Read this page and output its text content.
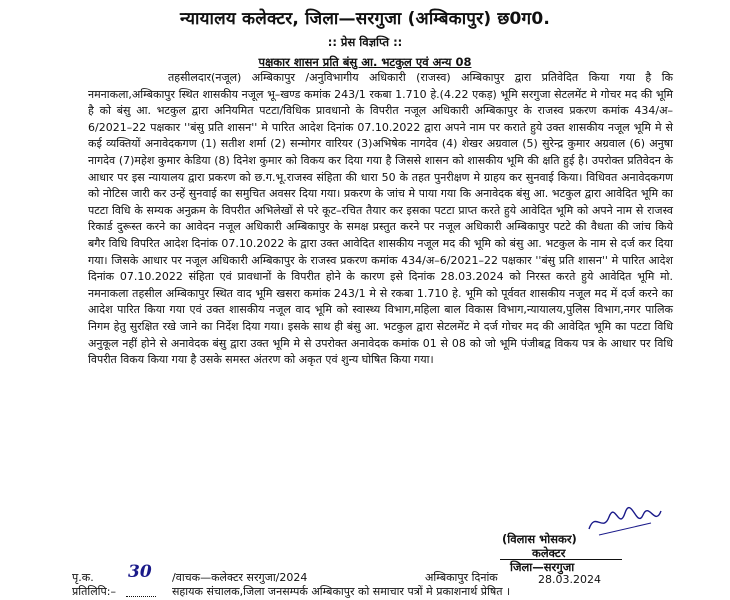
न्यायालय कलेक्टर, जिला—सरगुजा (अम्बिकापुर) छ0ग0.
:: प्रेस विज्ञप्ति ::
पक्षकार शासन प्रति बंसु आ. भटकुल एवं अन्य 08
तहसीलदार(नजूल) अम्बिकापुर /अनुविभागीय अधिकारी (राजस्व) अम्बिकापुर द्वारा प्रतिवेदित किया गया है कि नमनाकला,अम्बिकापुर स्थित शासकीय नजूल भू–खण्ड कमांक 243/1 रकबा 1.710 हे.(4.22 एकड़) भूमि सरगुजा सेटलमेंट मे गोचर मद की भूमि है को बंसु आ. भटकुल द्वारा अनियमित पटटा/विधिक प्रावधानो के विपरीत नजूल अधिकारी अम्बिकापुर के राजस्व प्रकरण कमांक 434/अ–6/2021–22 पक्षकार ''बंसु प्रति शासन'' मे पारित आदेश दिनांक 07.10.2022 द्वारा अपने नाम पर कराते हुये उक्त शासकीय नजूल भूमि मे से कई व्यक्तियों अनावेदकगण (1) सतीश शर्मा (2) सन्मोगर वारियर (3)अभिषेक नागदेव (4) शेखर अग्रवाल (5) सुरेन्द्र कुमार अग्रवाल (6) अनुषा नागदेव (7)महेश कुमार केडिया (8) दिनेश कुमार को विकय कर दिया गया है जिससे शासन को शासकीय भूमि की क्षति हुई है। उपरोक्त प्रतिवेदन के आधार पर इस न्यायालय द्वारा प्रकरण को छ.ग.भू.राजस्व संहिता की धारा 50 के तहत पुनरीक्षण मे ग्राहय कर सुनवाई किया। विधिवत अनावेदकगण को नोटिस जारी कर उन्हें सुनवाई का समुचित अवसर दिया गया। प्रकरण के जांच मे पाया गया कि अनावेदक बंसु आ. भटकुल द्वारा आवेदित भूमि का पटटा विधि के सम्यक अनुक्रम के विपरीत अभिलेखों से परे कूट–रचित तैयार कर इसका पटटा प्राप्त करते हुये आवेदित भूमि को अपने नाम से राजस्व रिकार्ड दुरूस्त करने का आवेदन नजूल अधिकारी अम्बिकापुर के समक्ष प्रस्तुत करने पर नजूल अधिकारी अम्बिकापुर पटटे की वैधता की जांच किये बगैर विधि विपरित आदेश दिनांक 07.10.2022 के द्वारा उक्त आवेदित शासकीय नजूल मद की भूमि को बंसु आ. भटकुल के नाम से दर्ज कर दिया गया। जिसके आधार पर नजूल अधिकारी अम्बिकापुर के राजस्व प्रकरण कमांक 434/अ–6/2021–22 पक्षकार ''बंसु प्रति शासन'' मे पारित आदेश दिनांक 07.10.2022 संहिता एवं प्रावधानों के विपरीत होने के कारण इसे दिनांक 28.03.2024 को निरस्त करते हुये आवेदित भूमि मो. नमनाकला तहसील अम्बिकापुर स्थित वाद भूमि खसरा कमांक 243/1 मे से रकबा 1.710 हे. भूमि को पूर्ववत शासकीय नजूल मद में दर्ज करने का आदेश पारित किया गया एवं उक्त शासकीय नजूल वाद भूमि को स्वास्थ्य विभाग,महिला बाल विकास विभाग,न्यायालय,पुलिस विभाग,नगर पालिक निगम हेतु सुरक्षित रखे जाने का निर्देश दिया गया। इसके साथ ही बंसु आ. भटकुल द्वारा सेटलमेंट मे दर्ज गोचर मद की आवेदित भूमि का पटटा विधि अनुकूल नहीं होने से अनावेदक बंसु द्वारा उक्त भूमि मे से उपरोक्त अनावेदक कमांक 01 से 08 को जो भूमि पंजीबद्व विकय पत्र के आधार पर विधि विपरीत विकय किया गया है उसके समस्त अंतरण को अकृत एवं शुन्य घोषित किया गया।
(विलास भोसकर)
कलेक्टर
जिला—सरगुजा
पृ.क. 30 /वाचक—कलेक्टर सरगुजा/2024	अम्बिकापुर दिनांक	28.03.2024
प्रतिलिपि:–	सहायक संचालक,जिला जनसम्पर्क अम्बिकापुर को समाचार पत्रों मे प्रकाशनार्थ प्रेषित ।
